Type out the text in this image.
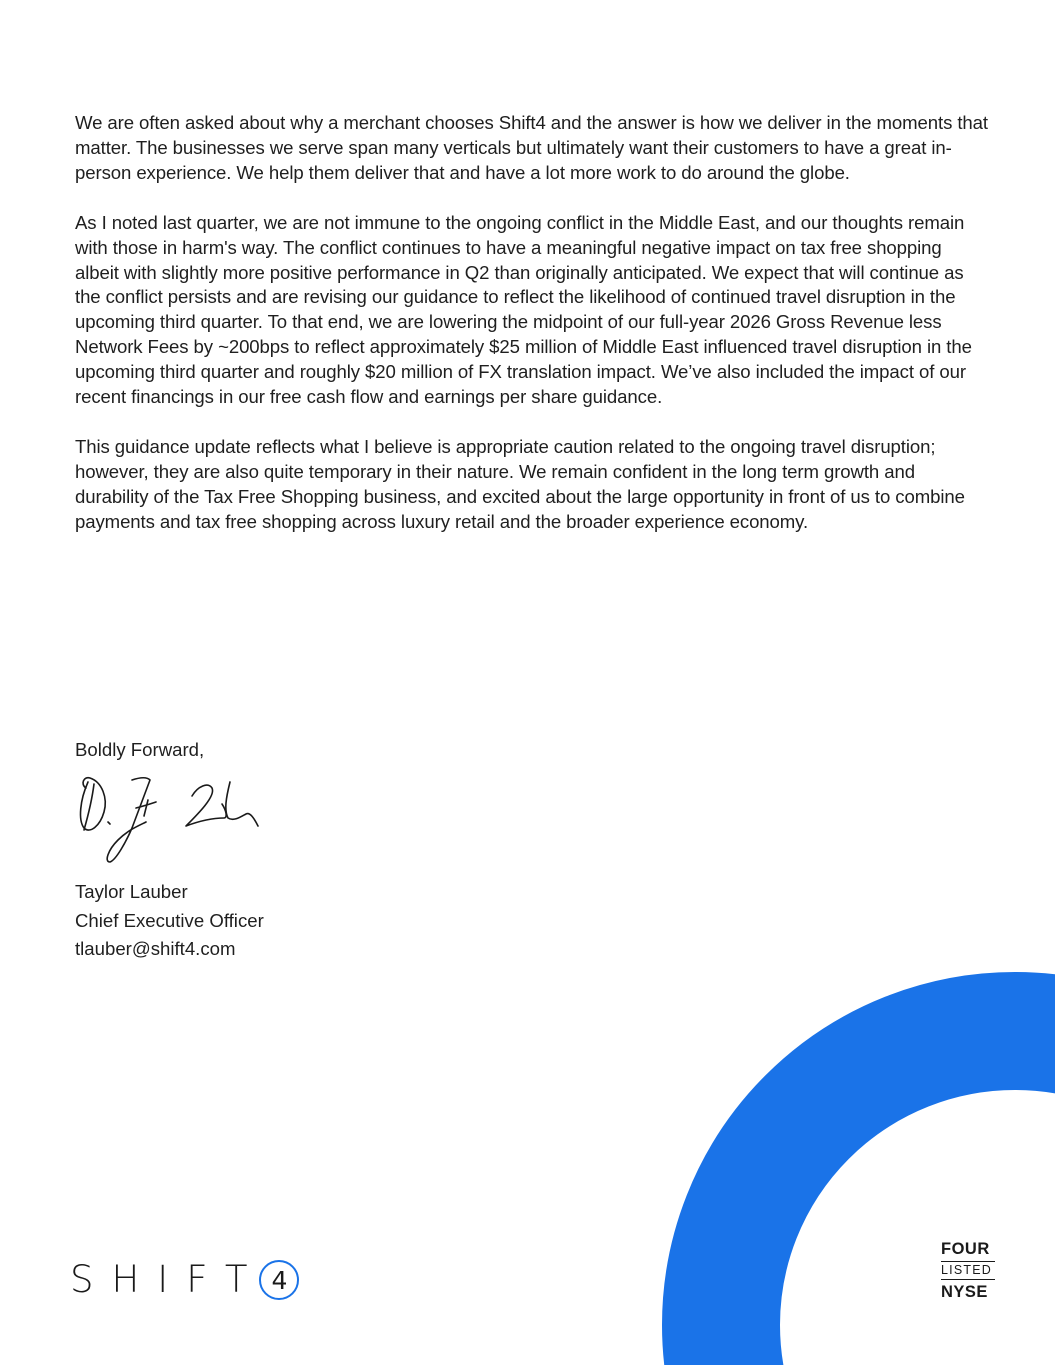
We are often asked about why a merchant chooses Shift4 and the answer is how we deliver in the moments that matter. The businesses we serve span many verticals but ultimately want their customers to have a great in-person experience. We help them deliver that and have a lot more work to do around the globe.

As I noted last quarter, we are not immune to the ongoing conflict in the Middle East, and our thoughts remain with those in harm's way. The conflict continues to have a meaningful negative impact on tax free shopping albeit with slightly more positive performance in Q2 than originally anticipated. We expect that will continue as the conflict persists and are revising our guidance to reflect the likelihood of continued travel disruption in the upcoming third quarter. To that end, we are lowering the midpoint of our full-year 2026 Gross Revenue less Network Fees by ~200bps to reflect approximately $25 million of Middle East influenced travel disruption in the upcoming third quarter and roughly $20 million of FX translation impact. We’ve also included the impact of our recent financings in our free cash flow and earnings per share guidance.

This guidance update reflects what I believe is appropriate caution related to the ongoing travel disruption; however, they are also quite temporary in their nature. We remain confident in the long term growth and durability of the Tax Free Shopping business, and excited about the large opportunity in front of us to combine payments and tax free shopping across luxury retail and the broader experience economy.

Boldly Forward,
Taylor Lauber
Chief Executive Officer
tlauber@shift4.com
SHIFT 4
FOUR
LISTED
NYSE
